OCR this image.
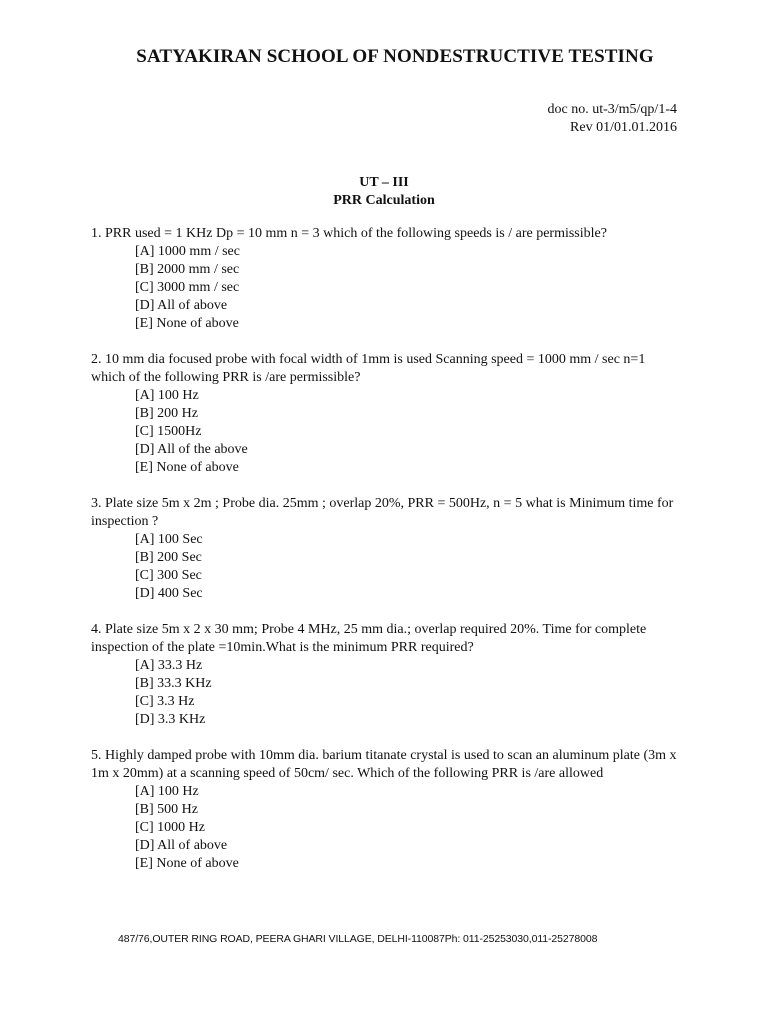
SATYAKIRAN SCHOOL OF NONDESTRUCTIVE TESTING
doc no. ut-3/m5/qp/1-4
Rev 01/01.01.2016
UT – III
PRR Calculation

1. PRR used = 1 KHz Dp = 10 mm n = 3 which of the following speeds is / are permissible?

[A] 1000 mm / sec
[B] 2000 mm / sec
[C] 3000 mm / sec
[D] All of above
[E] None of above

2. 10 mm dia focused probe with focal width of 1mm is used Scanning speed = 1000 mm / sec n=1 which of the following PRR is /are permissible?

[A] 100 Hz
[B] 200 Hz
[C] 1500Hz
[D] All of the above
[E] None of above

3. Plate size 5m x 2m ; Probe dia. 25mm ; overlap 20%, PRR = 500Hz, n = 5 what is Minimum time for inspection ?

[A] 100 Sec
[B] 200 Sec
[C] 300 Sec
[D] 400 Sec

4. Plate size 5m x 2 x 30 mm; Probe 4 MHz, 25 mm dia.; overlap required 20%. Time for complete inspection of the plate =10min.What is the minimum PRR required?

[A] 33.3 Hz
[B] 33.3 KHz
[C] 3.3 Hz
[D] 3.3 KHz

5. Highly damped probe with 10mm dia. barium titanate crystal is used to scan an aluminum plate (3m x 1m x 20mm) at a scanning speed of 50cm/ sec. Which of the following PRR is /are allowed

[A] 100 Hz
[B] 500 Hz
[C] 1000 Hz
[D] All of above
[E] None of above
487/76,OUTER RING ROAD, PEERA GHARI VILLAGE, DELHI-110087Ph: 011-25253030,011-25278008
